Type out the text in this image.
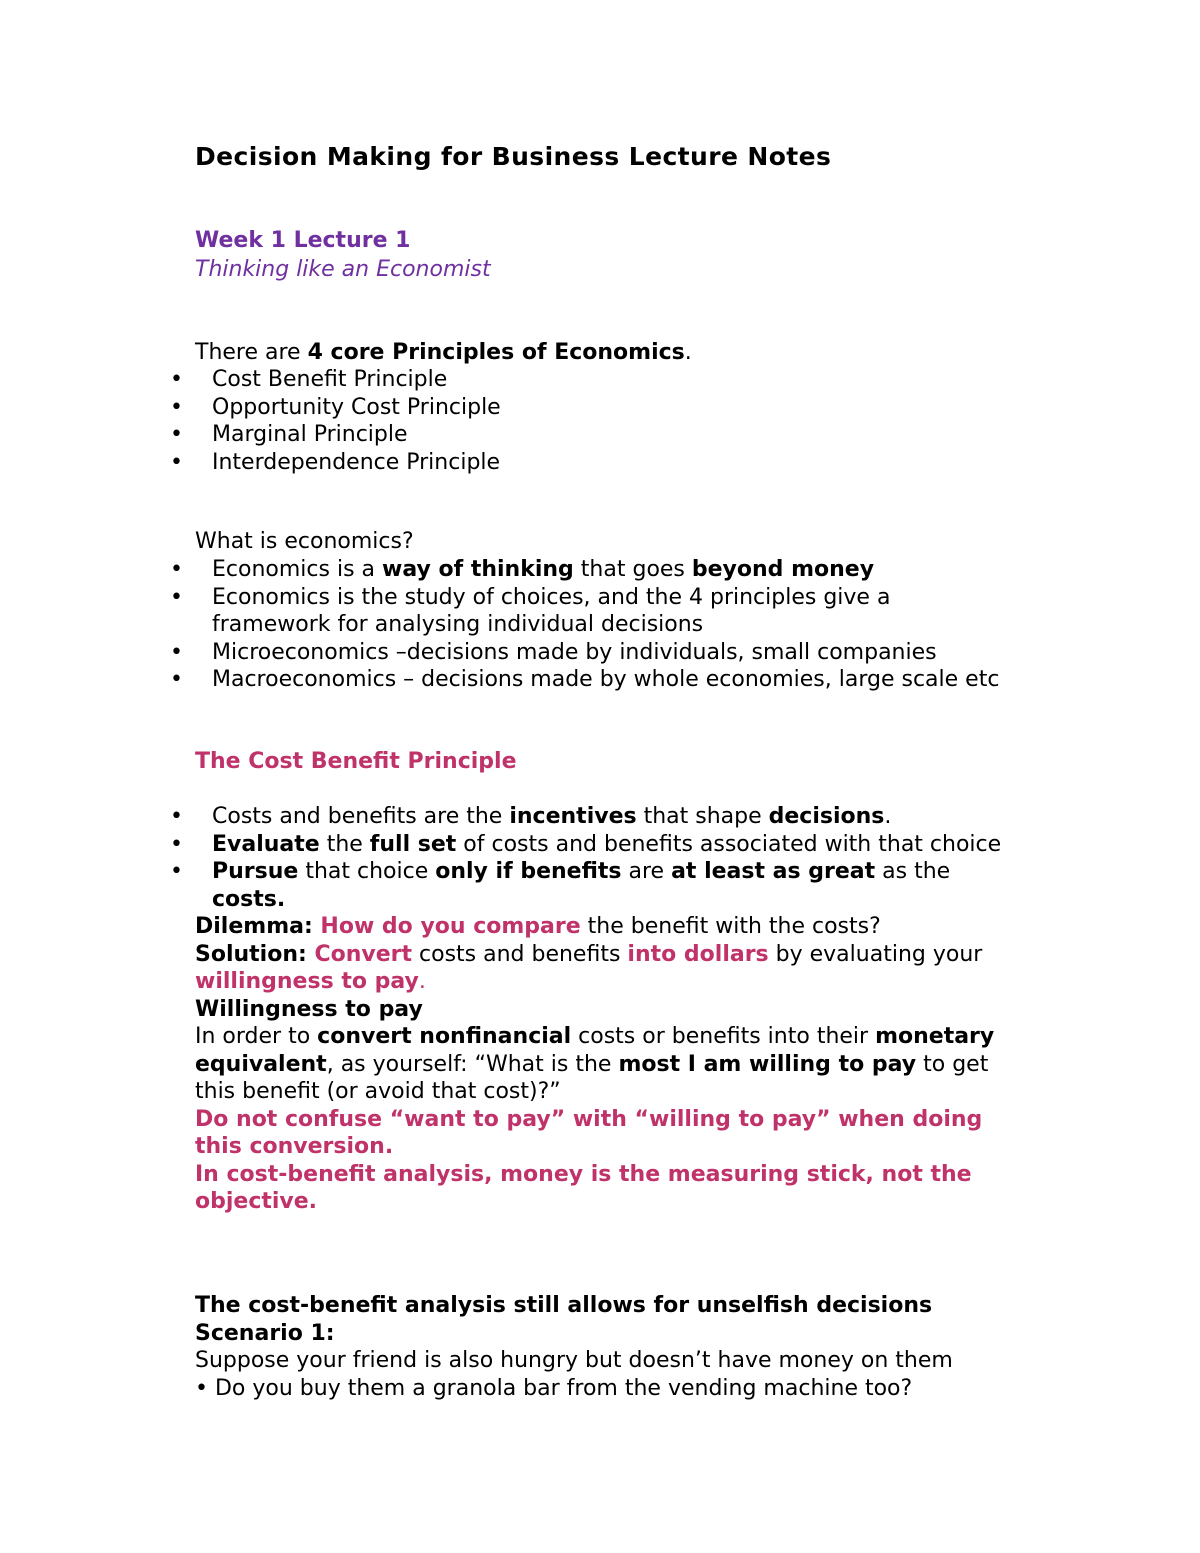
Decision Making for Business Lecture Notes
Week 1 Lecture 1
Thinking like an Economist
There are 4 core Principles of Economics.
• Cost Benefit Principle
• Opportunity Cost Principle
• Marginal Principle
• Interdependence Principle
What is economics?
• Economics is a way of thinking that goes beyond money
• Economics is the study of choices, and the 4 principles give a
framework for analysing individual decisions
• Microeconomics –decisions made by individuals, small companies
• Macroeconomics – decisions made by whole economies, large scale etc
The Cost Benefit Principle
• Costs and benefits are the incentives that shape decisions.
• Evaluate the full set of costs and benefits associated with that choice
• Pursue that choice only if benefits are at least as great as the
costs.
Dilemma: How do you compare the benefit with the costs?
Solution: Convert costs and benefits into dollars by evaluating your
willingness to pay.
Willingness to pay
In order to convert nonfinancial costs or benefits into their monetary
equivalent, as yourself: “What is the most I am willing to pay to get
this benefit (or avoid that cost)?”
Do not confuse “want to pay” with “willing to pay” when doing
this conversion.
In cost-benefit analysis, money is the measuring stick, not the
objective.
The cost-benefit analysis still allows for unselfish decisions
Scenario 1:
Suppose your friend is also hungry but doesn’t have money on them
• Do you buy them a granola bar from the vending machine too?
